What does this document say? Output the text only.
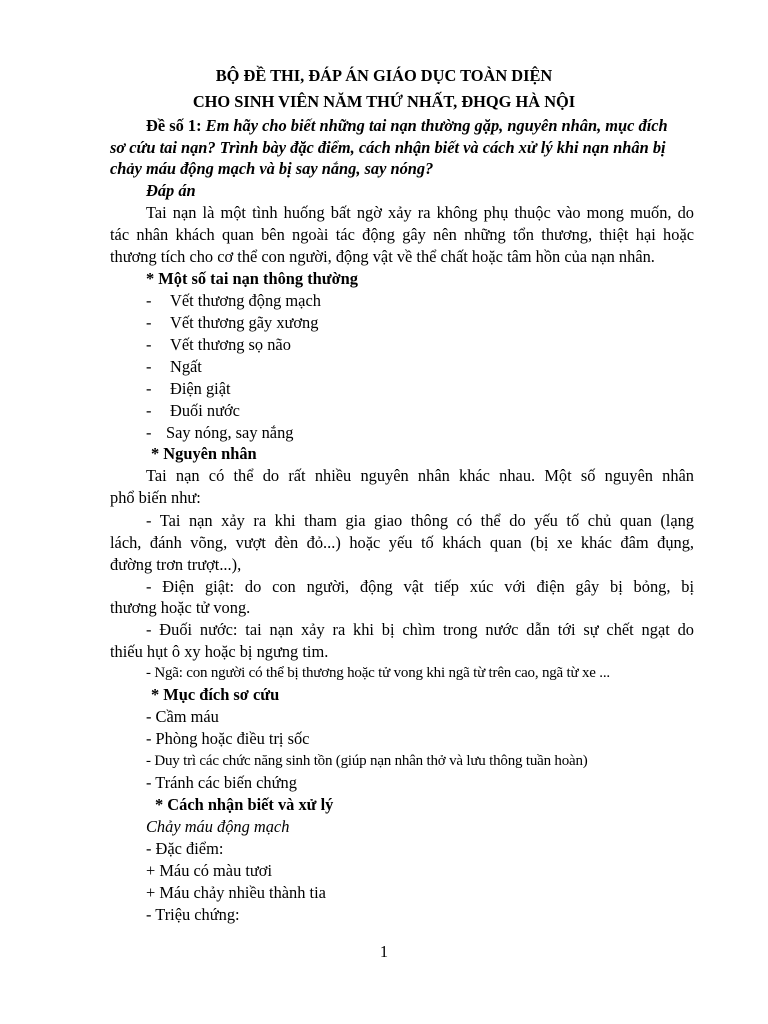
BỘ ĐỀ THI, ĐÁP ÁN GIÁO DỤC TOÀN DIỆN
CHO SINH VIÊN NĂM THỨ NHẤT, ĐHQG HÀ NỘI
Đề số 1: Em hãy cho biết những tai nạn thường gặp, nguyên nhân, mục đích
sơ cứu tai nạn? Trình bày đặc điểm, cách nhận biết và cách xử lý khi nạn nhân bị
chảy máu động mạch và bị say nắng, say nóng?
Đáp án
Tai nạn là một tình huống bất ngờ xảy ra không phụ thuộc vào mong muốn, do
tác nhân khách quan bên ngoài tác động gây nên những tổn thương, thiệt hại hoặc
thương tích cho cơ thể con người, động vật về thể chất hoặc tâm hồn của nạn nhân.
* Một số tai nạn thông thường
- Vết thương động mạch
- Vết thương gãy xương
- Vết thương sọ não
- Ngất
- Điện giật
- Đuối nước
- Say nóng, say nắng
* Nguyên nhân
Tai nạn có thể do rất nhiều nguyên nhân khác nhau. Một số nguyên nhân
phổ biến như:
- Tai nạn xảy ra khi tham gia giao thông có thể do yếu tố chủ quan (lạng
lách, đánh võng, vượt đèn đỏ...) hoặc yếu tố khách quan (bị xe khác đâm đụng,
đường trơn trượt...),
- Điện giật: do con người, động vật tiếp xúc với điện gây bị bỏng, bị
thương hoặc tử vong.
- Đuối nước: tai nạn xảy ra khi bị chìm trong nước dẫn tới sự chết ngạt do
thiếu hụt ô xy hoặc bị ngưng tim.
- Ngã: con người có thể bị thương hoặc tử vong khi ngã từ trên cao, ngã từ xe ...
* Mục đích sơ cứu
- Cầm máu
- Phòng hoặc điều trị sốc
- Duy trì các chức năng sinh tồn (giúp nạn nhân thở và lưu thông tuần hoàn)
- Tránh các biến chứng
* Cách nhận biết và xử lý
Chảy máu động mạch
- Đặc điểm:
+ Máu có màu tươi
+ Máu chảy nhiều thành tia
- Triệu chứng:
1
